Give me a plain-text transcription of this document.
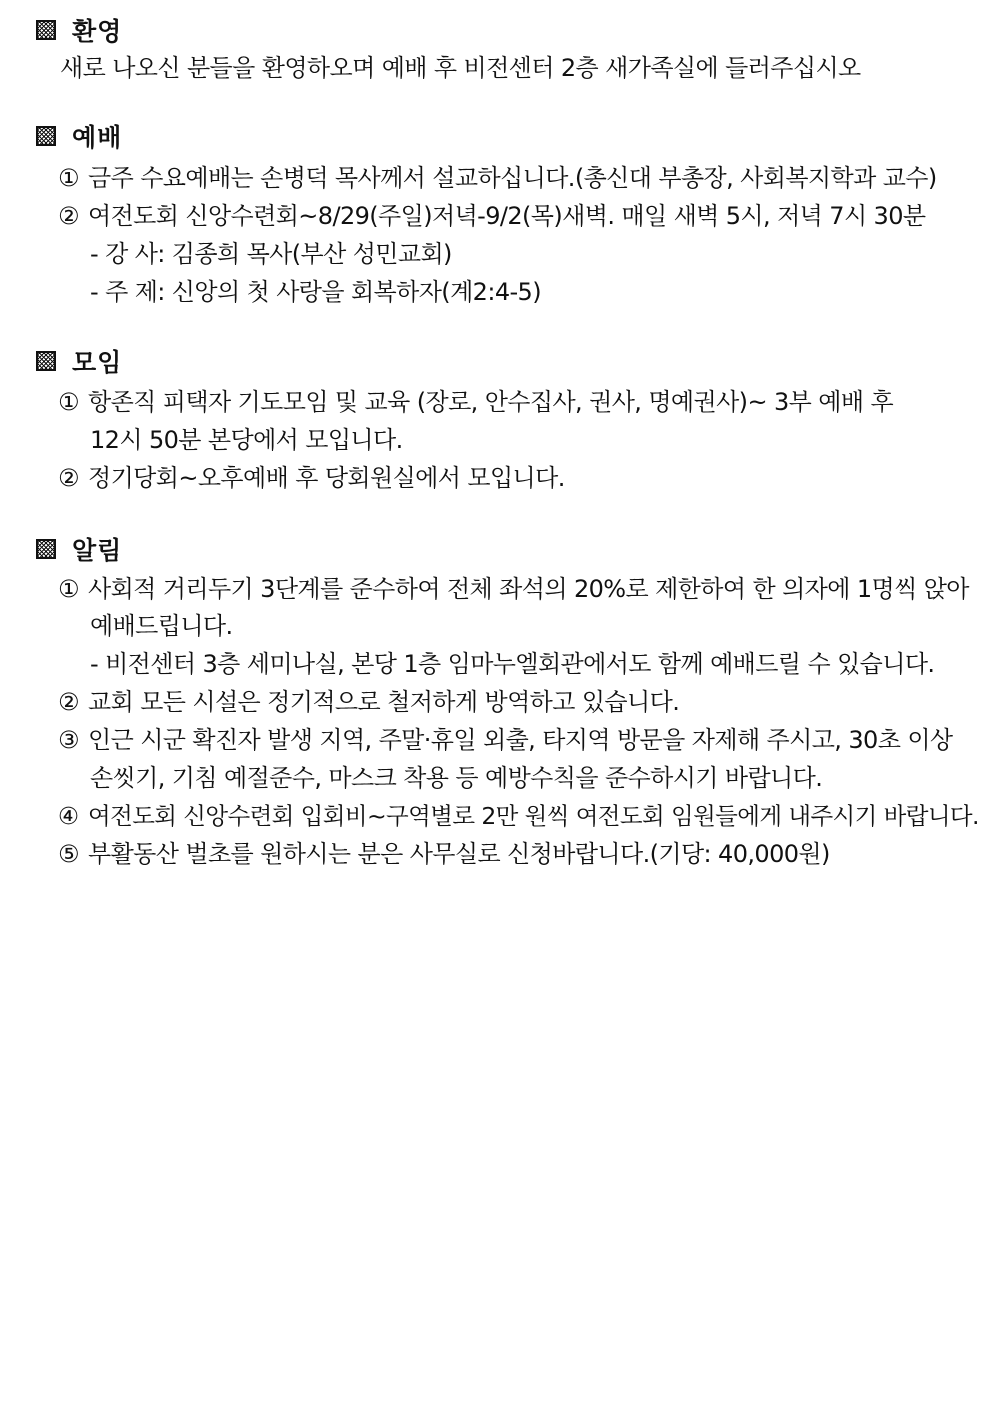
환영
새로 나오신 분들을 환영하오며 예배 후 비전센터 2층 새가족실에 들러주십시오
예배
① 금주 수요예배는 손병덕 목사께서 설교하십니다.(총신대 부총장, 사회복지학과 교수)
② 여전도회 신앙수련회~8/29(주일)저녁-9/2(목)새벽. 매일 새벽 5시, 저녁 7시 30분
- 강 사: 김종희 목사(부산 성민교회)
- 주 제: 신앙의 첫 사랑을 회복하자(계2:4-5)
모임
① 항존직 피택자 기도모임 및 교육 (장로, 안수집사, 권사, 명예권사)~ 3부 예배 후
12시 50분 본당에서 모입니다.
② 정기당회~오후예배 후 당회원실에서 모입니다.
알림
① 사회적 거리두기 3단계를 준수하여 전체 좌석의 20%로 제한하여 한 의자에 1명씩 앉아
예배드립니다.
- 비전센터 3층 세미나실, 본당 1층 임마누엘회관에서도 함께 예배드릴 수 있습니다.
② 교회 모든 시설은 정기적으로 철저하게 방역하고 있습니다.
③ 인근 시군 확진자 발생 지역, 주말·휴일 외출, 타지역 방문을 자제해 주시고, 30초 이상
손씻기, 기침 예절준수, 마스크 착용 등 예방수칙을 준수하시기 바랍니다.
④ 여전도회 신앙수련회 입회비~구역별로 2만 원씩 여전도회 임원들에게 내주시기 바랍니다.
⑤ 부활동산 벌초를 원하시는 분은 사무실로 신청바랍니다.(기당: 40,000원)
